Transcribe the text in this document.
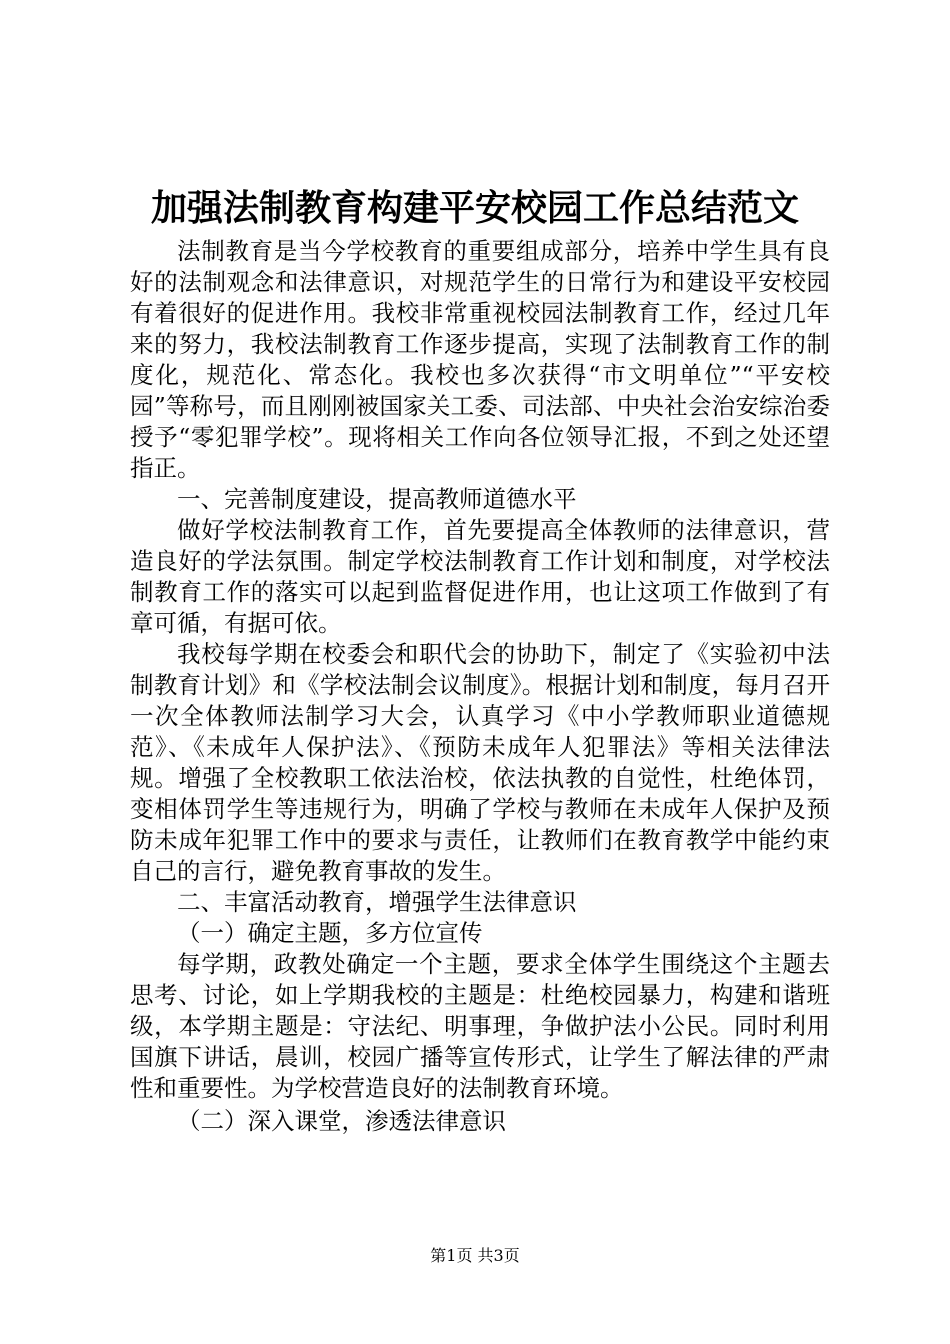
加强法制教育构建平安校园工作总结范文

法制教育是当今学校教育的重要组成部分，培养中学生具有良好的法制观念和法律意识，对规范学生的日常行为和建设平安校园有着很好的促进作用。我校非常重视校园法制教育工作，经过几年来的努力，我校法制教育工作逐步提高，实现了法制教育工作的制度化，规范化、常态化。我校也多次获得“市文明单位”“平安校园”等称号，而且刚刚被国家关工委、司法部、中央社会治安综治委授予“零犯罪学校”。现将相关工作向各位领导汇报，不到之处还望指正。

一、完善制度建设，提高教师道德水平

做好学校法制教育工作，首先要提高全体教师的法律意识，营造良好的学法氛围。制定学校法制教育工作计划和制度，对学校法制教育工作的落实可以起到监督促进作用，也让这项工作做到了有章可循，有据可依。

我校每学期在校委会和职代会的协助下，制定了《实验初中法制教育计划》和《学校法制会议制度》。根据计划和制度，每月召开一次全体教师法制学习大会，认真学习《中小学教师职业道德规范》、《未成年人保护法》、《预防未成年人犯罪法》等相关法律法规。增强了全校教职工依法治校，依法执教的自觉性，杜绝体罚，变相体罚学生等违规行为，明确了学校与教师在未成年人保护及预防未成年犯罪工作中的要求与责任，让教师们在教育教学中能约束自己的言行，避免教育事故的发生。

二、丰富活动教育，增强学生法律意识

（一）确定主题，多方位宣传

每学期，政教处确定一个主题，要求全体学生围绕这个主题去思考、讨论，如上学期我校的主题是：杜绝校园暴力，构建和谐班级，本学期主题是：守法纪、明事理，争做护法小公民。同时利用国旗下讲话，晨训，校园广播等宣传形式，让学生了解法律的严肃性和重要性。为学校营造良好的法制教育环境。

（二）深入课堂，渗透法律意识

第1页 共3页
